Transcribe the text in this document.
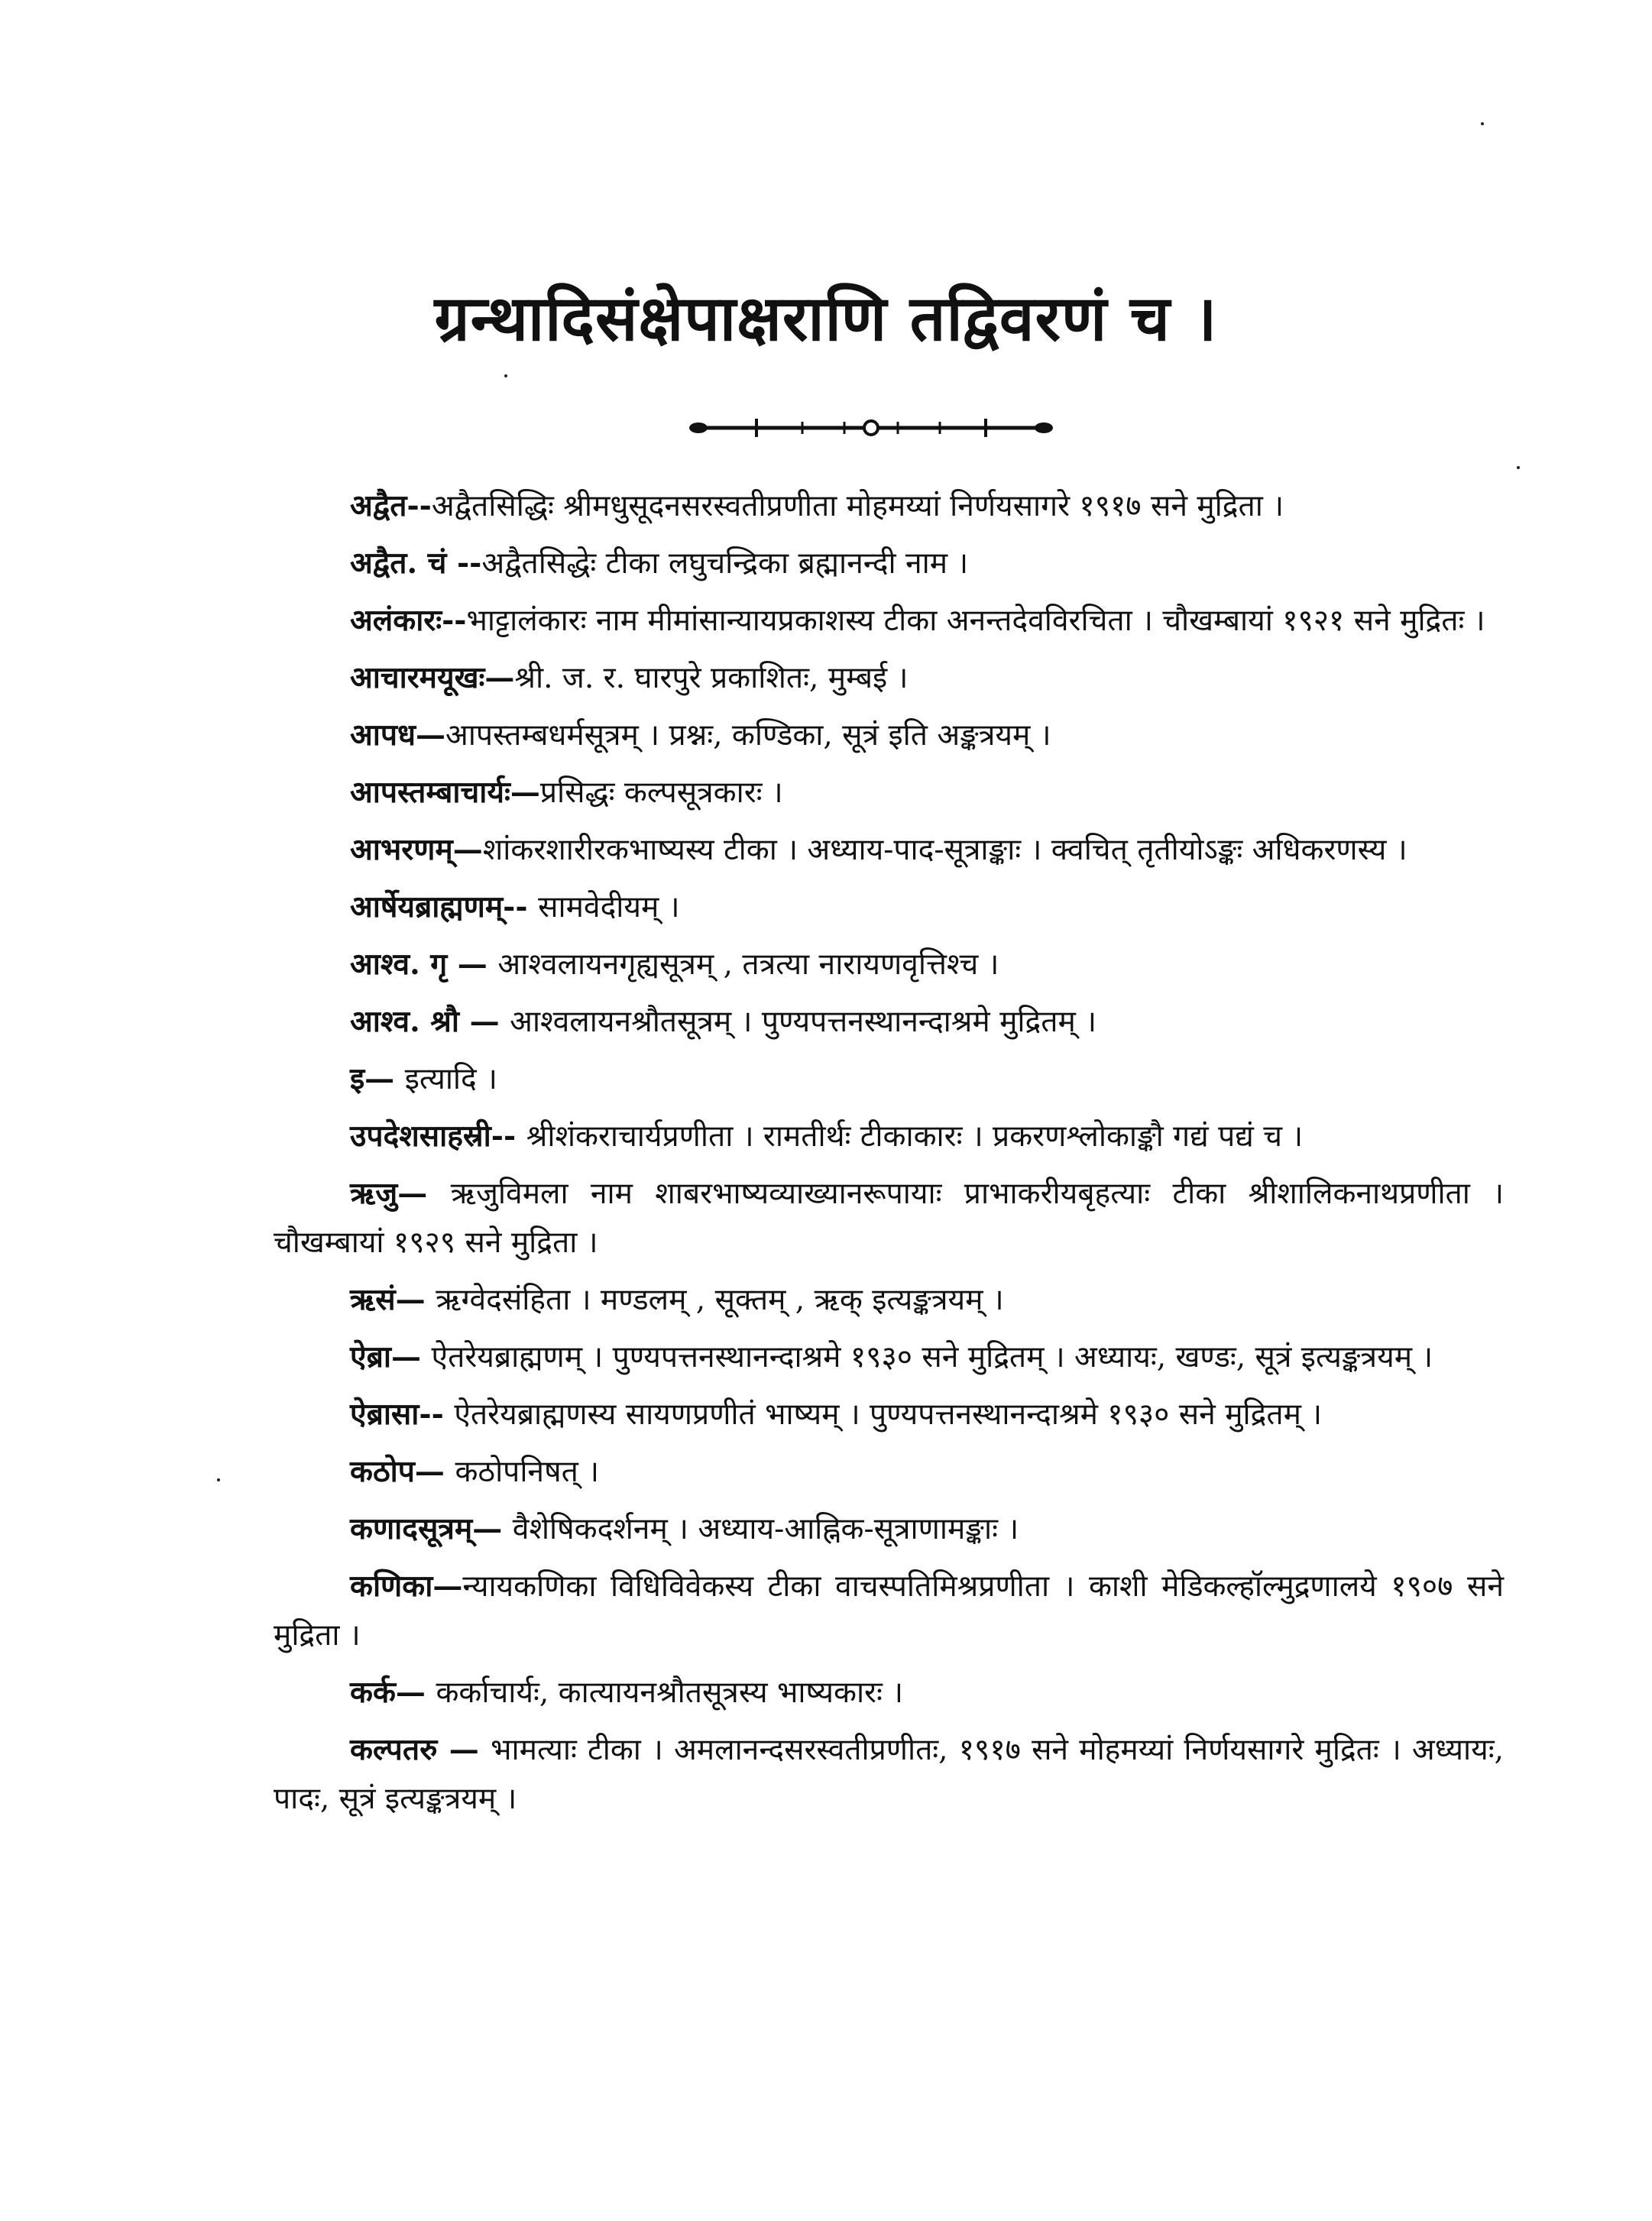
ग्रन्थादिसंक्षेपाक्षराणि तद्विवरणं च ।

अद्वैत--अद्वैतसिद्धिः श्रीमधुसूदनसरस्वतीप्रणीता मोहमय्यां निर्णयसागरे १९१७ सने मुद्रिता ।

अद्वैत. चं --अद्वैतसिद्धेः टीका लघुचन्द्रिका ब्रह्मानन्दी नाम ।

अलंकारः--भाट्टालंकारः नाम मीमांसान्यायप्रकाशस्य टीका अनन्तदेवविरचिता । चौखम्बायां १९२१ सने मुद्रितः ।

आचारमयूखः—श्री. ज. र. घारपुरे प्रकाशितः, मुम्बई ।

आपध—आपस्तम्बधर्मसूत्रम् । प्रश्नः, कण्डिका, सूत्रं इति अङ्कत्रयम् ।

आपस्तम्बाचार्यः—प्रसिद्धः कल्पसूत्रकारः ।

आभरणम्—शांकरशारीरकभाष्यस्य टीका । अध्याय-पाद-सूत्राङ्काः । क्वचित् तृतीयोऽङ्कः अधिकरणस्य ।

आर्षेयब्राह्मणम्-- सामवेदीयम् ।

आश्व. गृ — आश्वलायनगृह्यसूत्रम् , तत्रत्या नारायणवृत्तिश्च ।

आश्व. श्रौ — आश्वलायनश्रौतसूत्रम् । पुण्यपत्तनस्थानन्दाश्रमे मुद्रितम् ।

इ— इत्यादि ।

उपदेशसाहस्री-- श्रीशंकराचार्यप्रणीता । रामतीर्थः टीकाकारः । प्रकरणश्लोकाङ्कौ गद्यं पद्यं च ।

ऋजु— ऋजुविमला नाम शाबरभाष्यव्याख्यानरूपायाः प्राभाकरीयबृहत्याः टीका श्रीशालिकनाथप्रणीता । चौखम्बायां १९२९ सने मुद्रिता ।

ऋसं— ऋग्वेदसंहिता । मण्डलम् , सूक्तम् , ऋक् इत्यङ्कत्रयम् ।

ऐब्रा— ऐतरेयब्राह्मणम् । पुण्यपत्तनस्थानन्दाश्रमे १९३० सने मुद्रितम् । अध्यायः, खण्डः, सूत्रं इत्यङ्कत्रयम् ।

ऐब्रासा-- ऐतरेयब्राह्मणस्य सायणप्रणीतं भाष्यम् । पुण्यपत्तनस्थानन्दाश्रमे १९३० सने मुद्रितम् ।

कठोप— कठोपनिषत् ।

कणादसूत्रम्— वैशेषिकदर्शनम् । अध्याय-आह्निक-सूत्राणामङ्काः ।

कणिका—न्यायकणिका विधिविवेकस्य टीका वाचस्पतिमिश्रप्रणीता । काशी मेडिकल्हॉल्मुद्रणालये १९०७ सने मुद्रिता ।

कर्क— कर्काचार्यः, कात्यायनश्रौतसूत्रस्य भाष्यकारः ।

कल्पतरु — भामत्याः टीका । अमलानन्दसरस्वतीप्रणीतः, १९१७ सने मोहमय्यां निर्णयसागरे मुद्रितः । अध्यायः, पादः, सूत्रं इत्यङ्कत्रयम् ।
